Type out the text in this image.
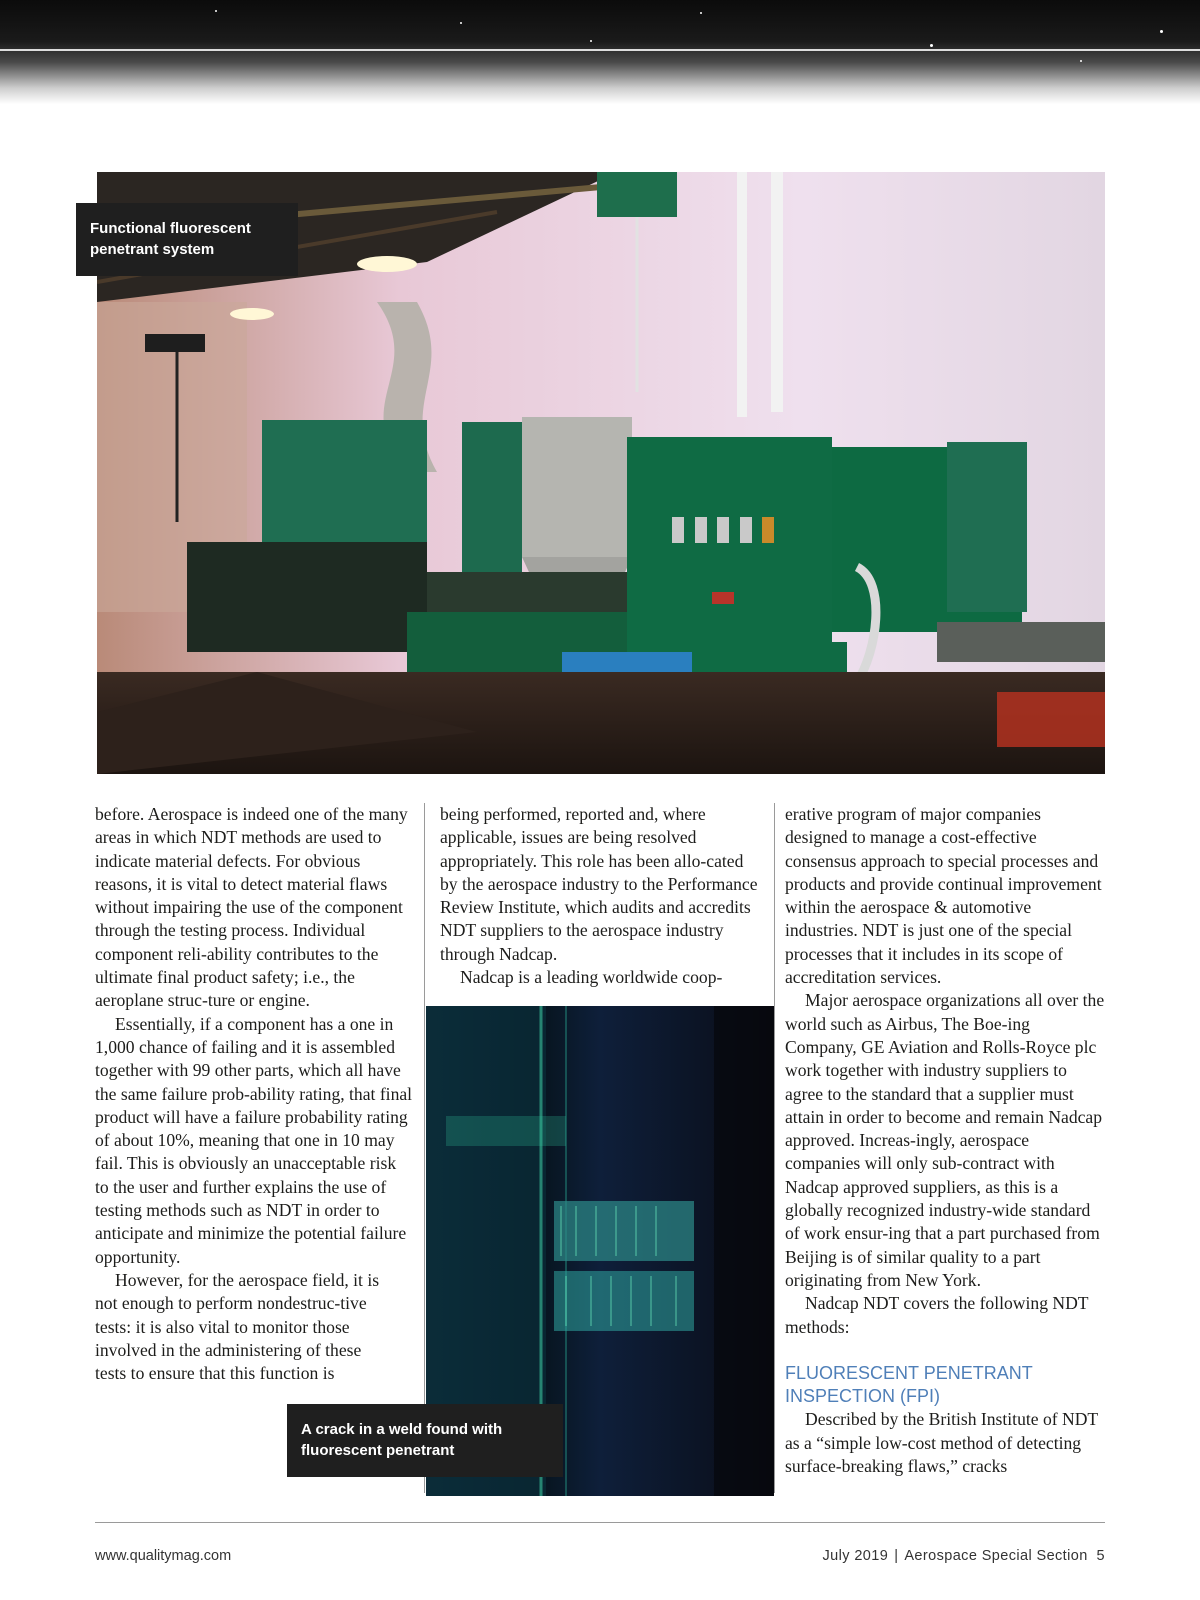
Functional fluorescent
penetrant system

before. Aerospace is indeed one of the many areas in which NDT methods are used to indicate material defects. For obvious reasons, it is vital to detect material flaws without impairing the use of the component through the testing process. Individual component reli-ability contributes to the ultimate final product safety; i.e., the aeroplane struc-ture or engine.

Essentially, if a component has a one in 1,000 chance of failing and it is assembled together with 99 other parts, which all have the same failure prob-ability rating, that final product will have a failure probability rating of about 10%, meaning that one in 10 may fail. This is obviously an unacceptable risk to the user and further explains the use of testing methods such as NDT in order to anticipate and minimize the potential failure opportunity.

However, for the aerospace field, it is not enough to perform nondestruc-tive tests: it is also vital to monitor those involved in the administering of these tests to ensure that this function is

being performed, reported and, where applicable, issues are being resolved appropriately. This role has been allo-cated by the aerospace industry to the Performance Review Institute, which audits and accredits NDT suppliers to the aerospace industry through Nadcap.

Nadcap is a leading worldwide coop-

A crack in a weld found with
fluorescent penetrant

erative program of major companies designed to manage a cost-effective consensus approach to special processes and products and provide continual improvement within the aerospace & automotive industries. NDT is just one of the special processes that it includes in its scope of accreditation services.

Major aerospace organizations all over the world such as Airbus, The Boe-ing Company, GE Aviation and Rolls-Royce plc work together with industry suppliers to agree to the standard that a supplier must attain in order to become and remain Nadcap approved. Increas-ingly, aerospace companies will only sub-contract with Nadcap approved suppliers, as this is a globally recognized industry-wide standard of work ensur-ing that a part purchased from Beijing is of similar quality to a part originating from New York.

Nadcap NDT covers the following NDT methods:

FLUORESCENT PENETRANT INSPECTION (FPI)

Described by the British Institute of NDT as a “simple low-cost method of detecting surface-breaking flaws,” cracks

www.qualitymag.com	July 2019 | Aerospace Special Section 5
